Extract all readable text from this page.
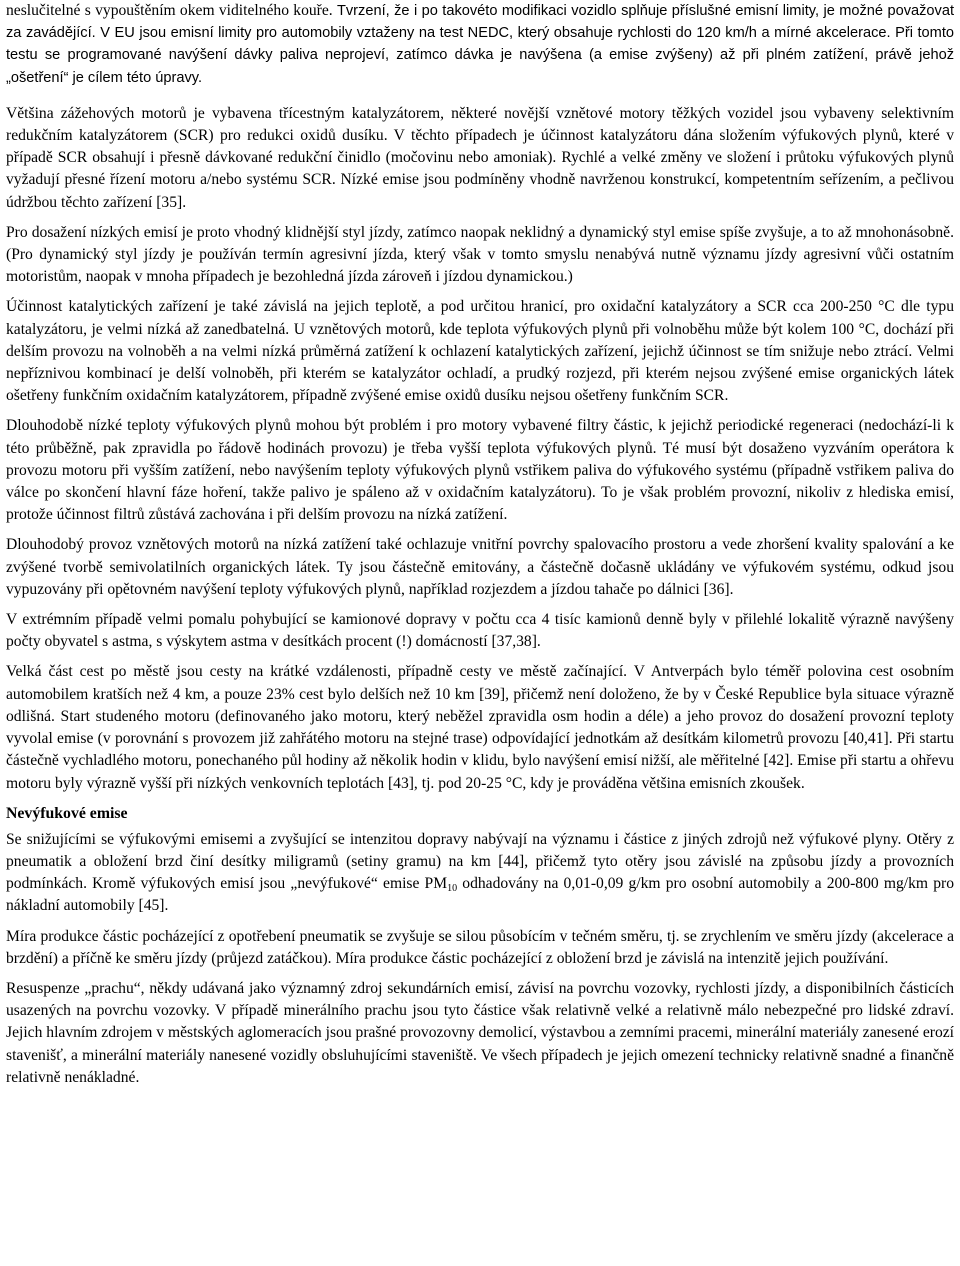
neslučitelné s vypouštěním okem viditelného kouře. Tvrzení, že i po takovéto modifikaci vozidlo splňuje příslušné emisní limity, je možné považovat za zavádějící. V EU jsou emisní limity pro automobily vztaženy na test NEDC, který obsahuje rychlosti do 120 km/h a mírné akcelerace. Při tomto testu se programované navýšení dávky paliva neprojeví, zatímco dávka je navýšena (a emise zvýšeny) až při plném zatížení, právě jehož „ošetření“ je cílem této úpravy.

Většina zážehových motorů je vybavena třícestným katalyzátorem, některé novější vznětové motory těžkých vozidel jsou vybaveny selektivním redukčním katalyzátorem (SCR) pro redukci oxidů dusíku. V těchto případech je účinnost katalyzátoru dána složením výfukových plynů, které v případě SCR obsahují i přesně dávkované redukční činidlo (močovinu nebo amoniak). Rychlé a velké změny ve složení i průtoku výfukových plynů vyžadují přesné řízení motoru a/nebo systému SCR. Nízké emise jsou podmíněny vhodně navrženou konstrukcí, kompetentním seřízením, a pečlivou údržbou těchto zařízení [35].

Pro dosažení nízkých emisí je proto vhodný klidnější styl jízdy, zatímco naopak neklidný a dynamický styl emise spíše zvyšuje, a to až mnohonásobně. (Pro dynamický styl jízdy je používán termín agresivní jízda, který však v tomto smyslu nenabývá nutně významu jízdy agresivní vůči ostatním motoristům, naopak v mnoha případech je bezohledná jízda zároveň i jízdou dynamickou.)

Účinnost katalytických zařízení je také závislá na jejich teplotě, a pod určitou hranicí, pro oxidační katalyzátory a SCR cca 200-250 °C dle typu katalyzátoru, je velmi nízká až zanedbatelná. U vznětových motorů, kde teplota výfukových plynů při volnoběhu může být kolem 100 °C, dochází při delším provozu na volnoběh a na velmi nízká průměrná zatížení k ochlazení katalytických zařízení, jejichž účinnost se tím snižuje nebo ztrácí. Velmi nepříznivou kombinací je delší volnoběh, při kterém se katalyzátor ochladí, a prudký rozjezd, při kterém nejsou zvýšené emise organických látek ošetřeny funkčním oxidačním katalyzátorem, případně zvýšené emise oxidů dusíku nejsou ošetřeny funkčním SCR.

Dlouhodobě nízké teploty výfukových plynů mohou být problém i pro motory vybavené filtry částic, k jejichž periodické regeneraci (nedochází-li k této průběžně, pak zpravidla po řádově hodinách provozu) je třeba vyšší teplota výfukových plynů. Té musí být dosaženo vyzváním operátora k provozu motoru při vyšším zatížení, nebo navýšením teploty výfukových plynů vstřikem paliva do výfukového systému (případně vstřikem paliva do válce po skončení hlavní fáze hoření, takže palivo je spáleno až v oxidačním katalyzátoru). To je však problém provozní, nikoliv z hlediska emisí, protože účinnost filtrů zůstává zachována i při delším provozu na nízká zatížení.

Dlouhodobý provoz vznětových motorů na nízká zatížení také ochlazuje vnitřní povrchy spalovacího prostoru a vede zhoršení kvality spalování a ke zvýšené tvorbě semivolatilních organických látek. Ty jsou částečně emitovány, a částečně dočasně ukládány ve výfukovém systému, odkud jsou vypuzovány při opětovném navýšení teploty výfukových plynů, například rozjezdem a jízdou tahače po dálnici [36].

V extrémním případě velmi pomalu pohybující se kamionové dopravy v počtu cca 4 tisíc kamionů denně byly v přilehlé lokalitě výrazně navýšeny počty obyvatel s astma, s výskytem astma v desítkách procent (!) domácností [37,38].

Velká část cest po městě jsou cesty na krátké vzdálenosti, případně cesty ve městě začínající. V Antverpách bylo téměř polovina cest osobním automobilem kratších než 4 km, a pouze 23% cest bylo delších než 10 km [39], přičemž není doloženo, že by v České Republice byla situace výrazně odlišná. Start studeného motoru (definovaného jako motoru, který neběžel zpravidla osm hodin a déle) a jeho provoz do dosažení provozní teploty vyvolal emise (v porovnání s provozem již zahřátého motoru na stejné trase) odpovídající jednotkám až desítkám kilometrů provozu [40,41]. Při startu částečně vychladlého motoru, ponechaného půl hodiny až několik hodin v klidu, bylo navýšení emisí nižší, ale měřitelné [42]. Emise při startu a ohřevu motoru byly výrazně vyšší při nízkých venkovních teplotách [43], tj. pod 20-25 °C, kdy je prováděna většina emisních zkoušek.

Nevýfukové emise

Se snižujícími se výfukovými emisemi a zvyšující se intenzitou dopravy nabývají na významu i částice z jiných zdrojů než výfukové plyny. Otěry z pneumatik a obložení brzd činí desítky miligramů (setiny gramu) na km [44], přičemž tyto otěry jsou závislé na způsobu jízdy a provozních podmínkách. Kromě výfukových emisí jsou „nevýfukové“ emise $PM_{10}$ odhadovány na 0,01-0,09 g/km pro osobní automobily a 200-800 mg/km pro nákladní automobily [45].

Míra produkce částic pocházející z opotřebení pneumatik se zvyšuje se silou působícím v tečném směru, tj. se zrychlením ve směru jízdy (akcelerace a brzdění) a příčně ke směru jízdy (průjezd zatáčkou). Míra produkce částic pocházející z obložení brzd je závislá na intenzitě jejich používání.

Resuspenze „prachu“, někdy udávaná jako významný zdroj sekundárních emisí, závisí na povrchu vozovky, rychlosti jízdy, a disponibilních částicích usazených na povrchu vozovky. V případě minerálního prachu jsou tyto částice však relativně velké a relativně málo nebezpečné pro lidské zdraví. Jejich hlavním zdrojem v městských aglomeracích jsou prašné provozovny demolicí, výstavbou a zemními pracemi, minerální materiály zanesené erozí stavenišť, a minerální materiály nanesené vozidly obsluhujícími staveniště. Ve všech případech je jejich omezení technicky relativně snadné a finančně relativně nenákladné.
